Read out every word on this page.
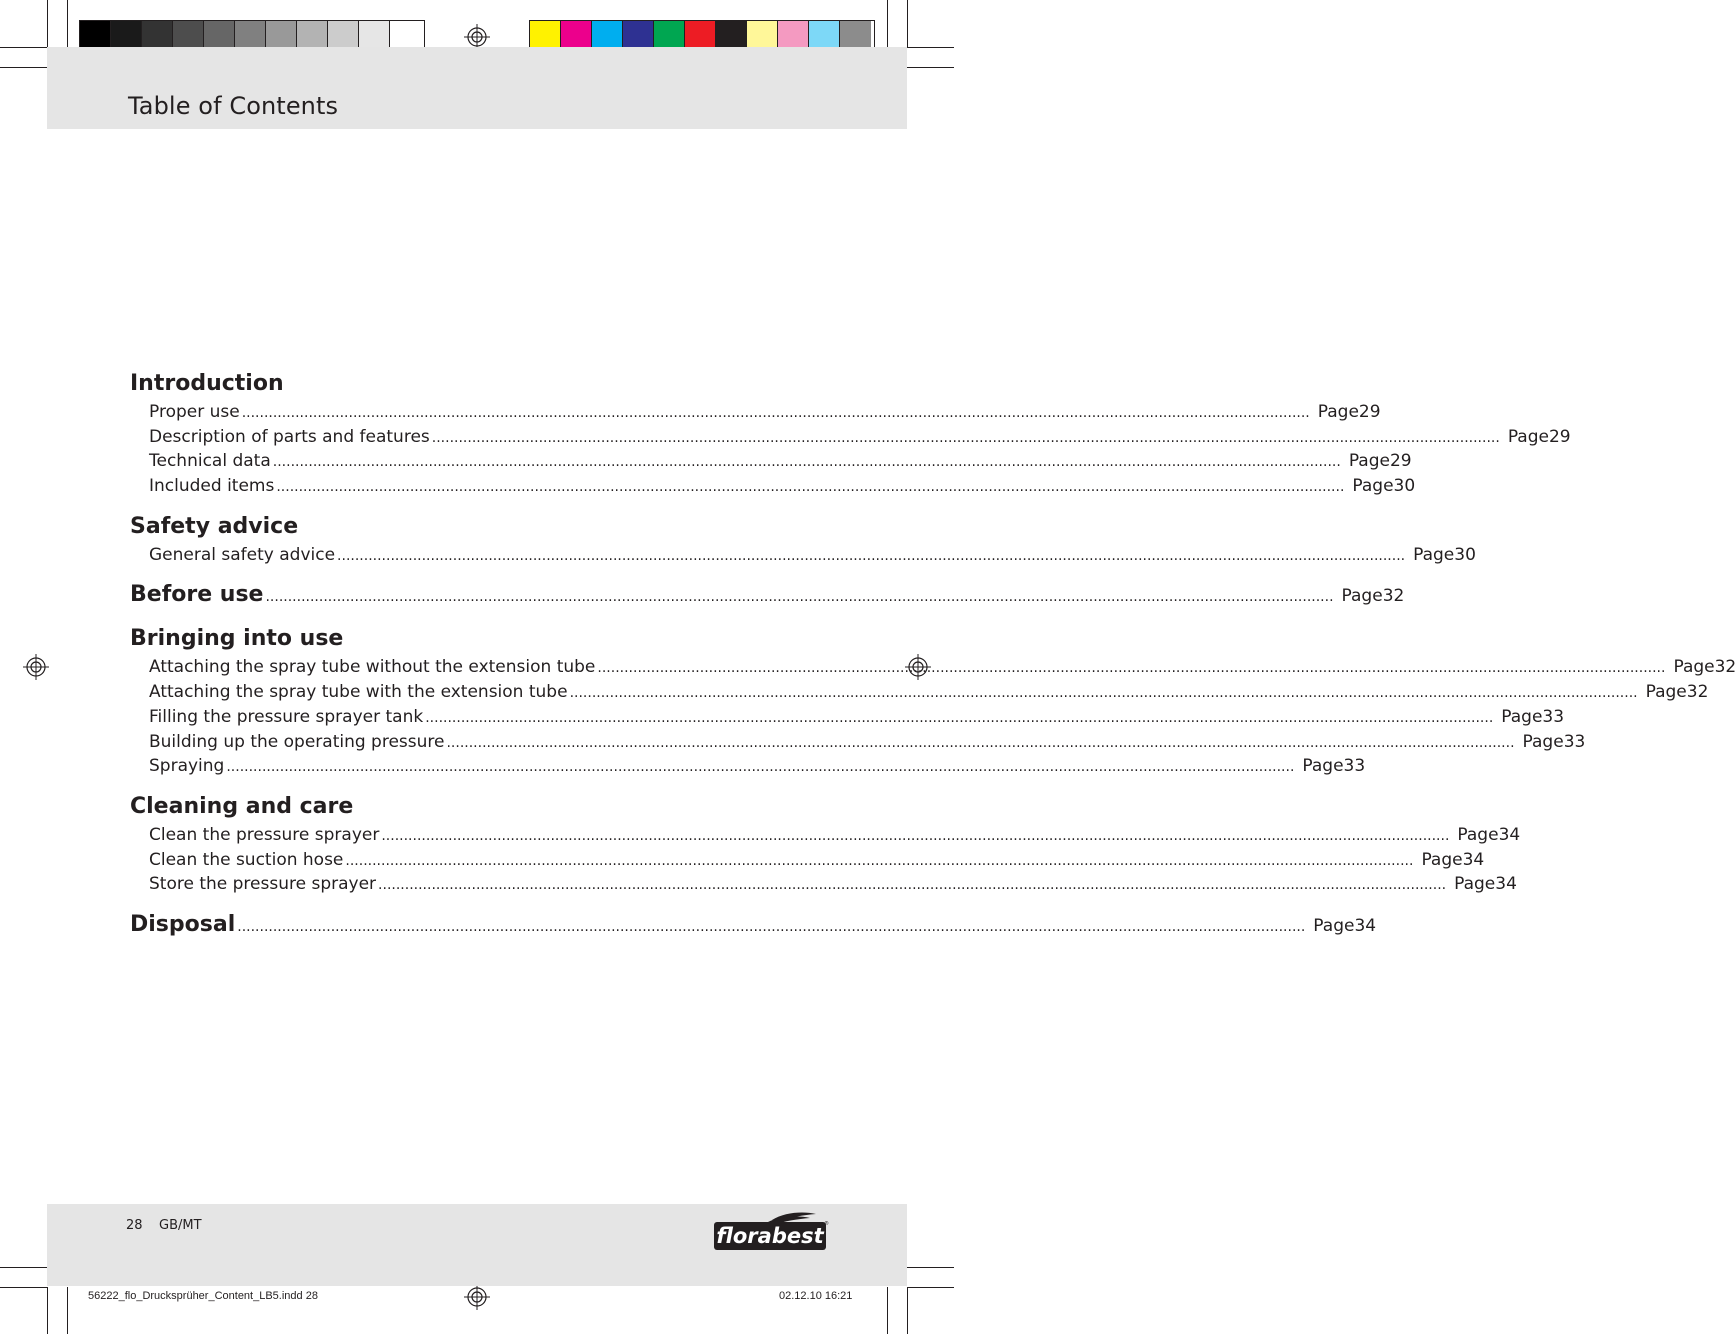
Table of Contents
Introduction
Proper use .....	Page 29
Description of parts and features .....	Page 29
Technical data .....	Page 29
Included items .....	Page 30
Safety advice
General safety advice .....	Page 30
Before use .....	Page 32
Bringing into use
Attaching the spray tube without the extension tube .....	Page 32
Attaching the spray tube with the extension tube .....	Page 32
Filling the pressure sprayer tank .....	Page 33
Building up the operating pressure .....	Page 33
Spraying .....	Page 33
Cleaning and care
Clean the pressure sprayer .....	Page 34
Clean the suction hose .....	Page 34
Store the pressure sprayer .....	Page 34
Disposal .....	Page 34
28 GB/MT	florabest ®
56222_flo_Drucksprüher_Content_LB5.indd 28	02.12.10 16:21
